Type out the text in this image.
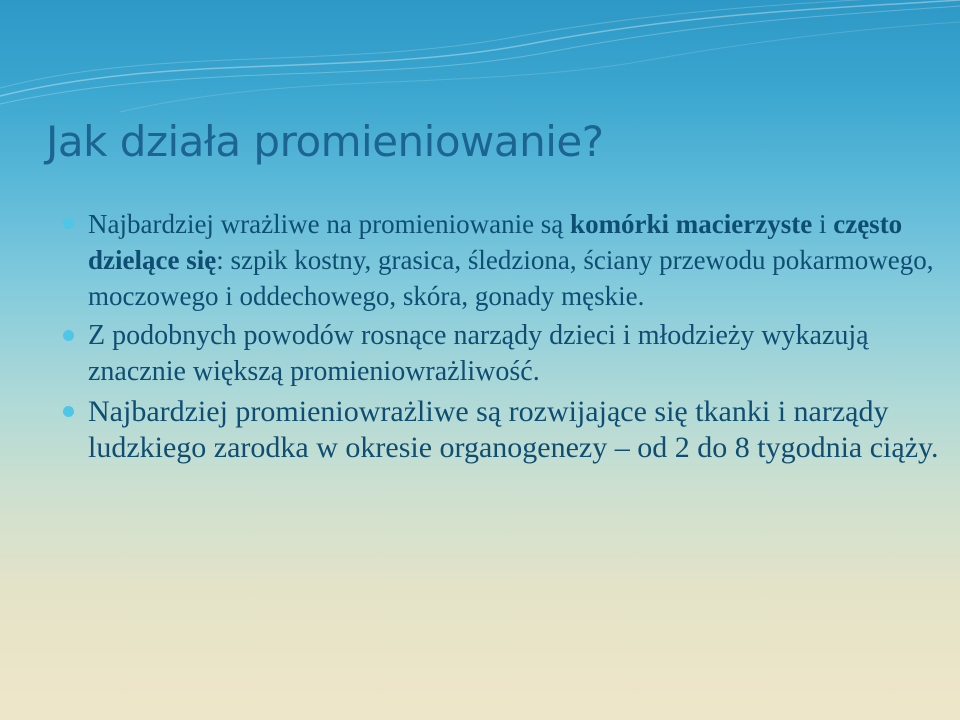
Jak działa promieniowanie?
Najbardziej wrażliwe na promieniowanie są komórki macierzyste i często dzielące się: szpik kostny, grasica, śledziona, ściany przewodu pokarmowego, moczowego i oddechowego, skóra, gonady męskie.
Z podobnych powodów rosnące narządy dzieci i młodzieży wykazują znacznie większą promieniowrażliwość.
Najbardziej promieniowrażliwe są rozwijające się tkanki i narządy ludzkiego zarodka w okresie organogenezy – od 2 do 8 tygodnia ciąży.
